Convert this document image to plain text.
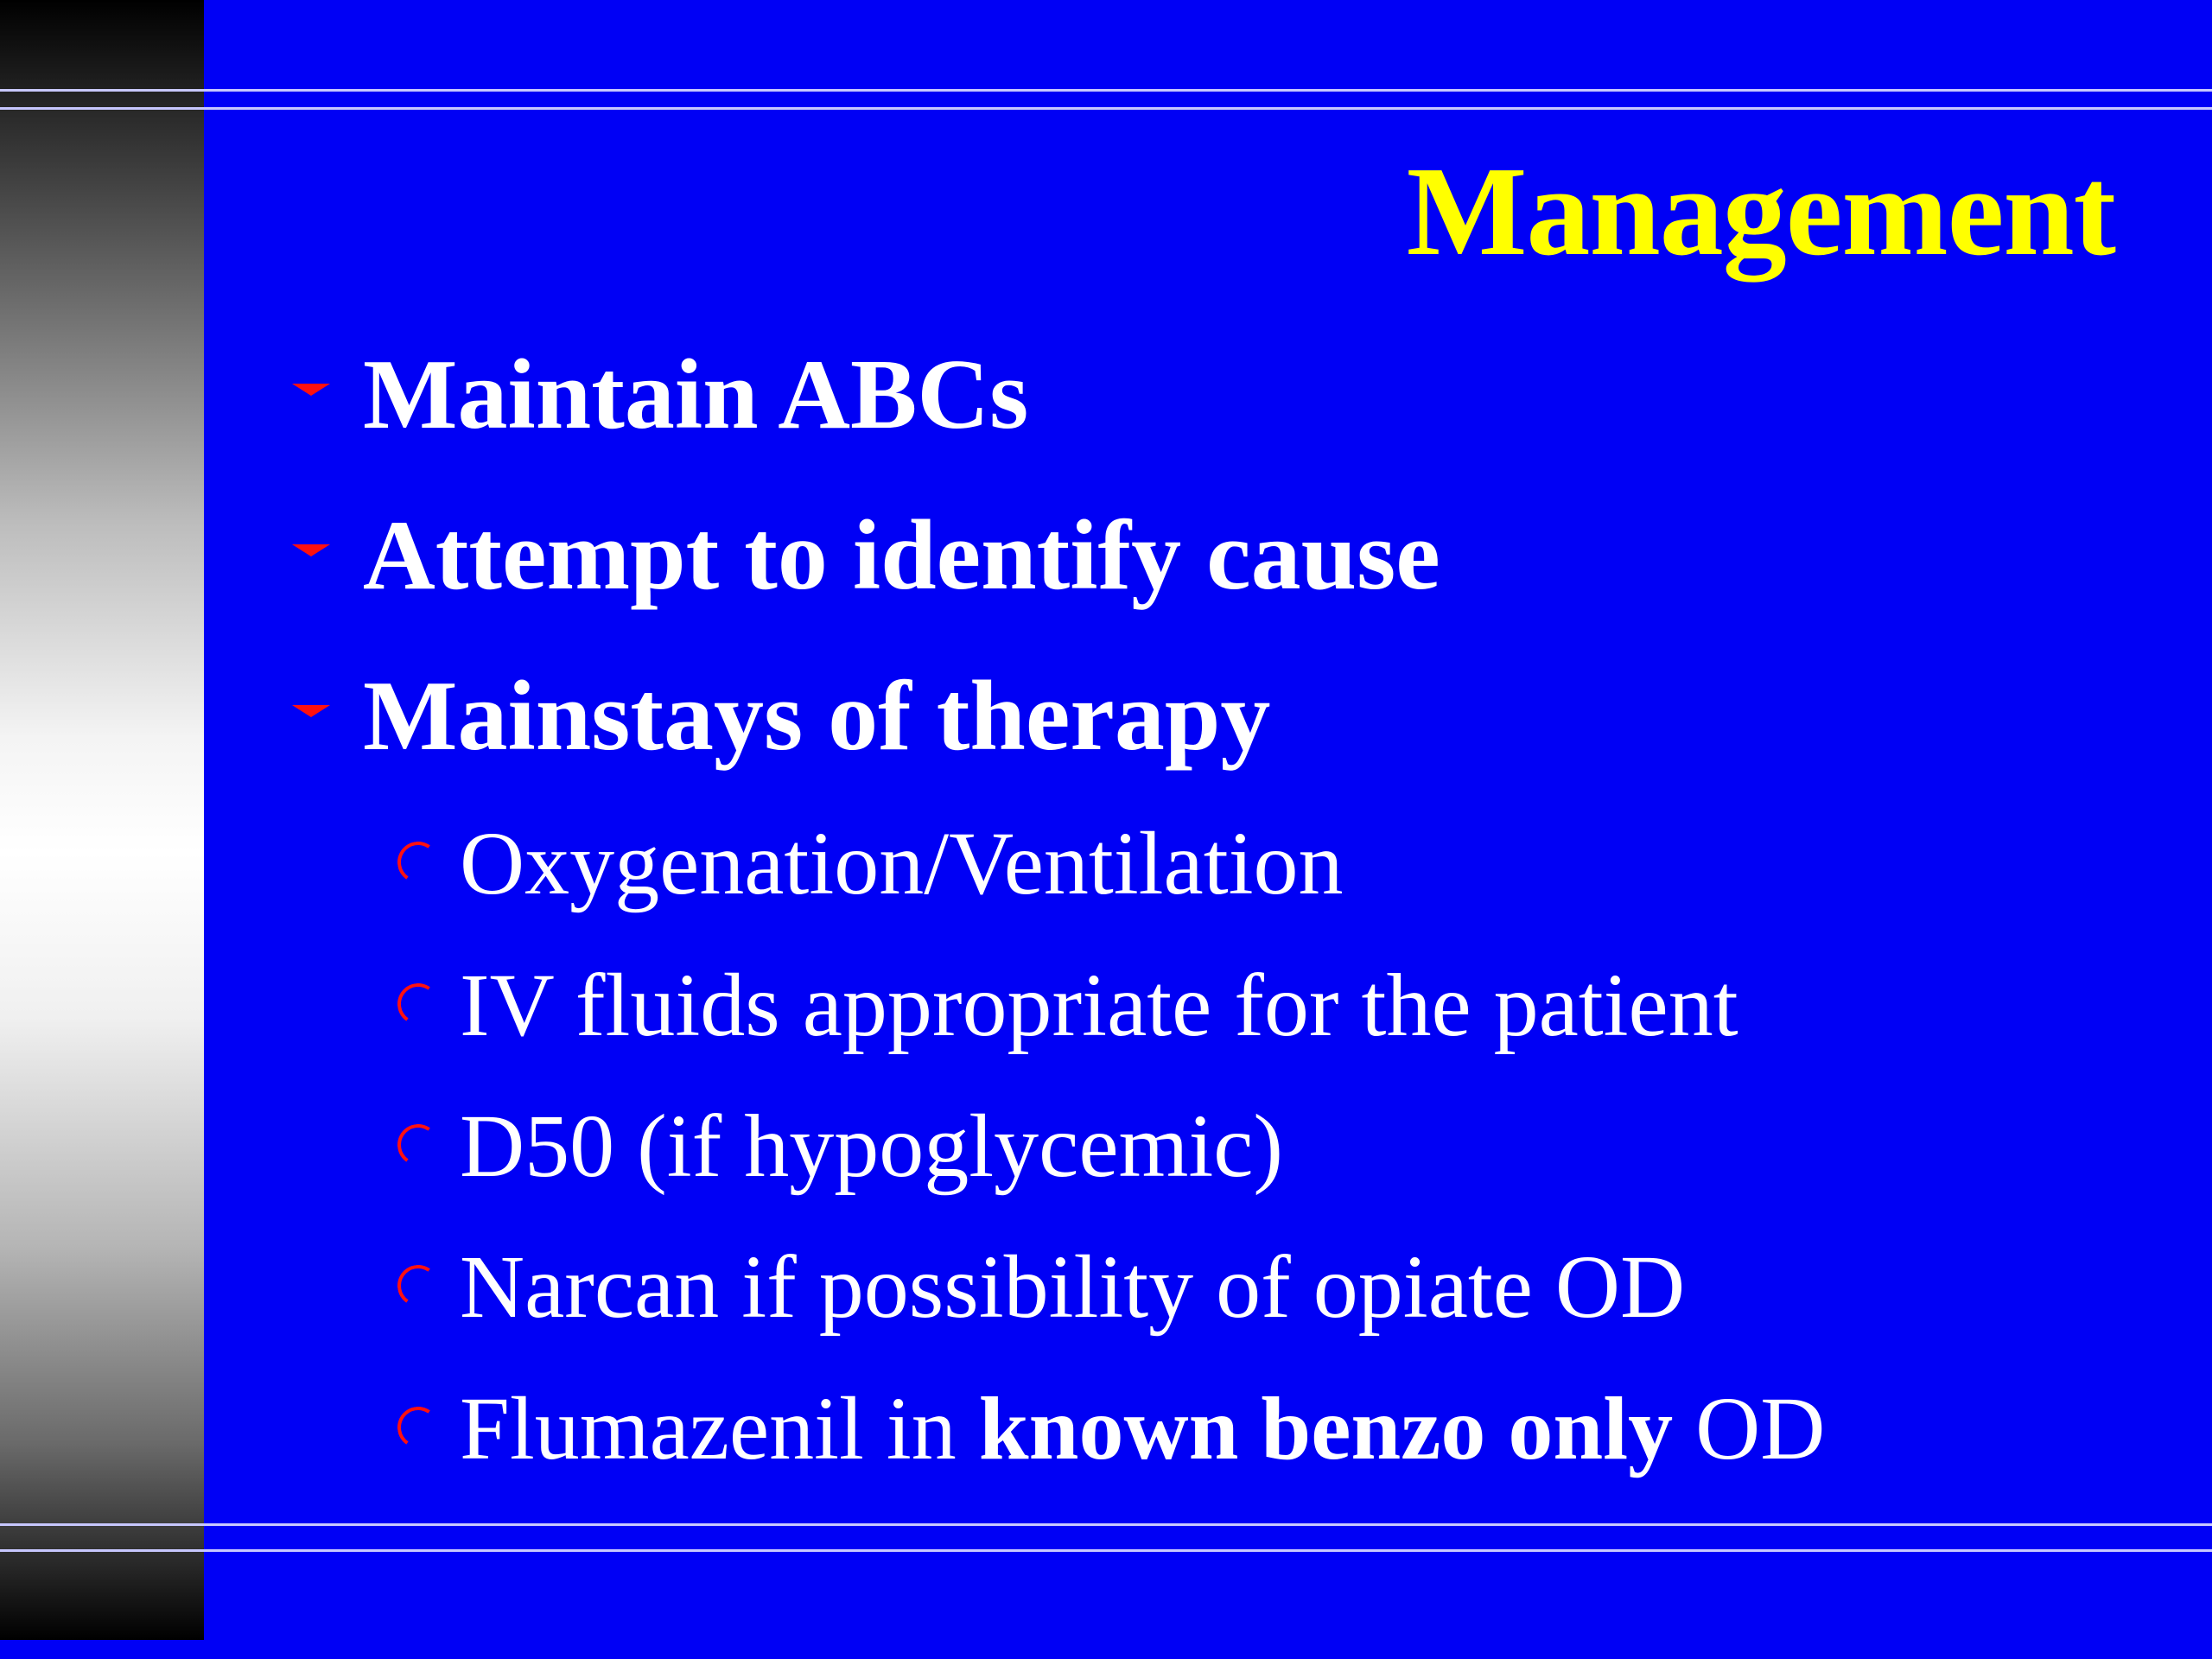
Management
Maintain ABCs
Attempt to identify cause
Mainstays of therapy
Oxygenation/Ventilation
IV fluids appropriate for the patient
D50 (if hypoglycemic)
Narcan if possibility of opiate OD
Flumazenil in known benzo only OD
